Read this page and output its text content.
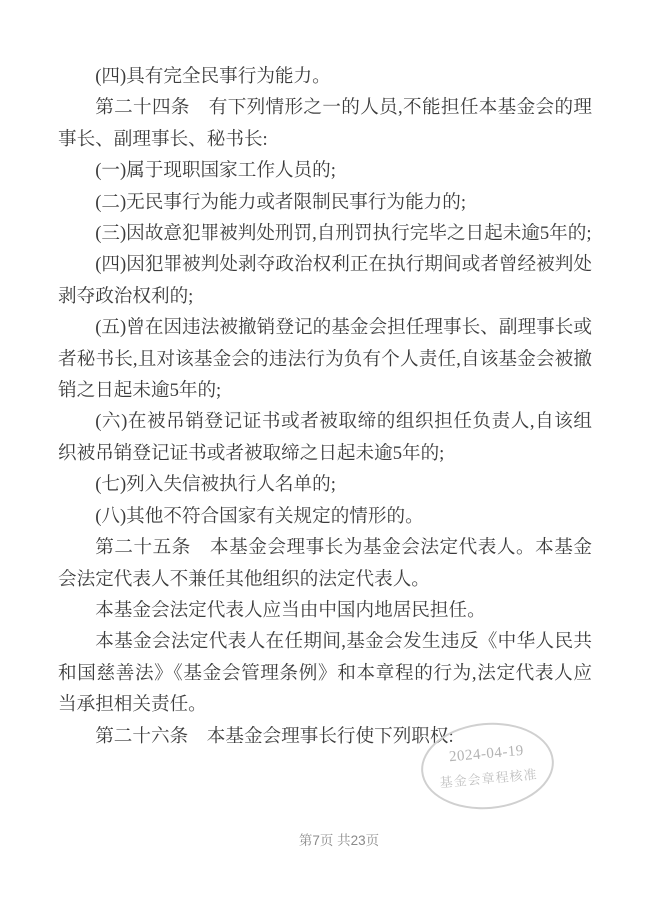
(四)具有完全民事行为能力。

第二十四条　有下列情形之一的人员,不能担任本基金会的理事长、副理事长、秘书长:

(一)属于现职国家工作人员的;

(二)无民事行为能力或者限制民事行为能力的;

(三)因故意犯罪被判处刑罚,自刑罚执行完毕之日起未逾5年的;

(四)因犯罪被判处剥夺政治权利正在执行期间或者曾经被判处剥夺政治权利的;

(五)曾在因违法被撤销登记的基金会担任理事长、副理事长或者秘书长,且对该基金会的违法行为负有个人责任,自该基金会被撤销之日起未逾5年的;

(六)在被吊销登记证书或者被取缔的组织担任负责人,自该组织被吊销登记证书或者被取缔之日起未逾5年的;

(七)列入失信被执行人名单的;

(八)其他不符合国家有关规定的情形的。

第二十五条　本基金会理事长为基金会法定代表人。本基金会法定代表人不兼任其他组织的法定代表人。

本基金会法定代表人应当由中国内地居民担任。

本基金会法定代表人在任期间,基金会发生违反《中华人民共和国慈善法》《基金会管理条例》和本章程的行为,法定代表人应当承担相关责任。

第二十六条　本基金会理事长行使下列职权:

2024-04-19
基金会章程核准
第7页 共23页
